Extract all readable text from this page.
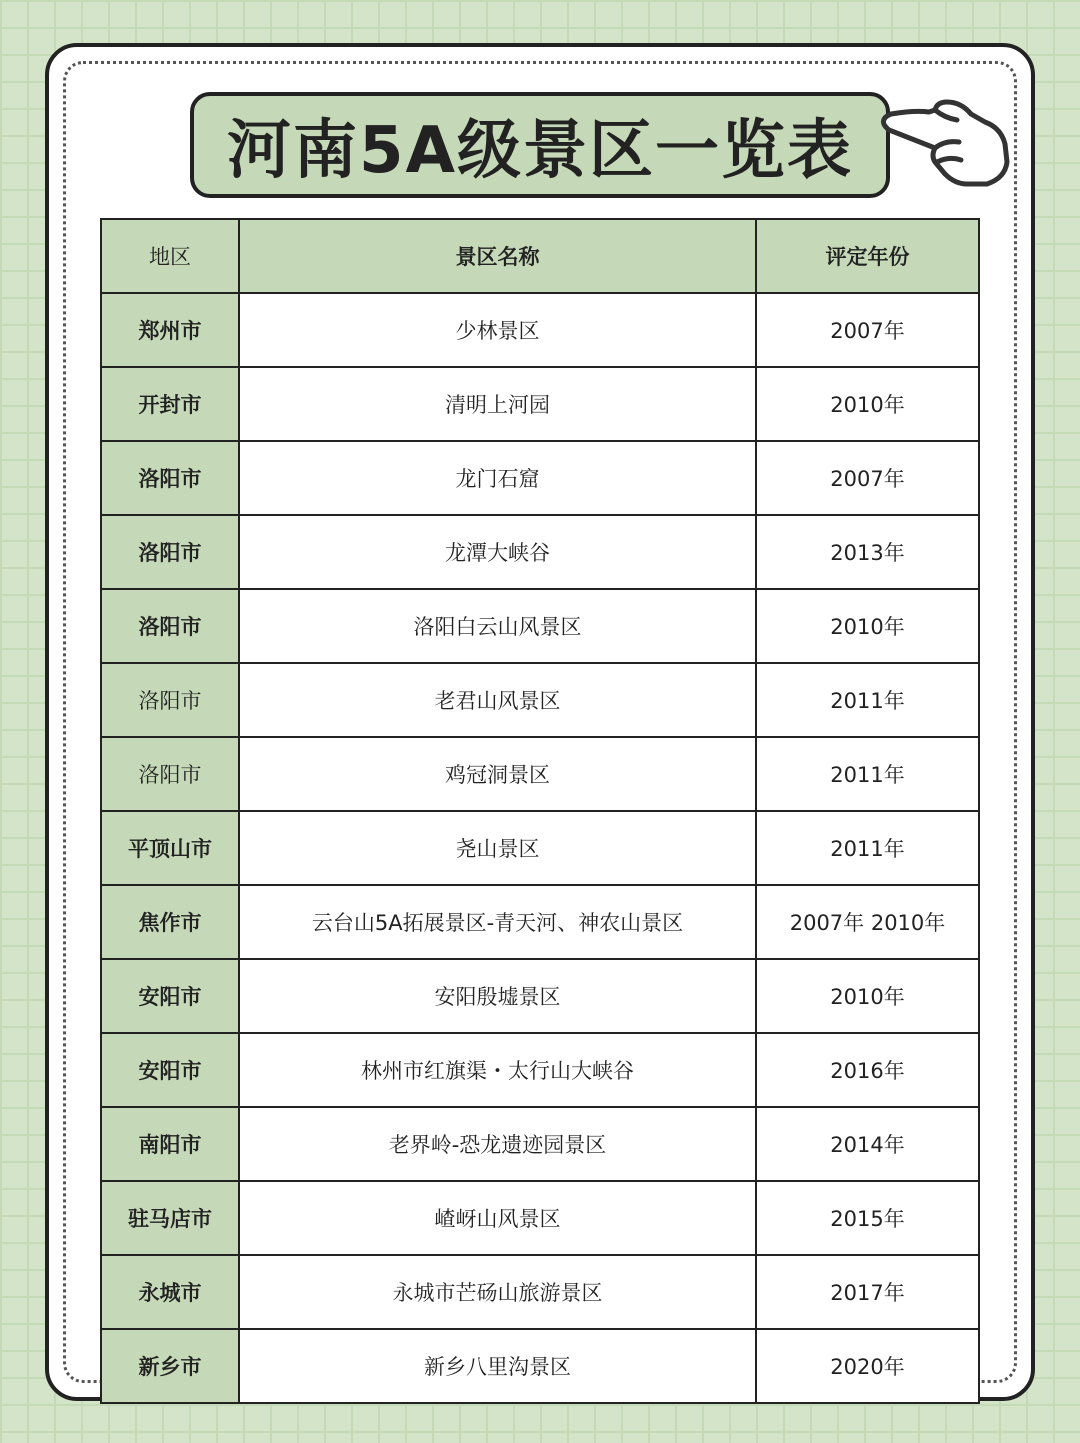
河南5A级景区一览表
地区	景区名称	评定年份
郑州市	少林景区	2007年
开封市	清明上河园	2010年
洛阳市	龙门石窟	2007年
洛阳市	龙潭大峡谷	2013年
洛阳市	洛阳白云山风景区	2010年
洛阳市	老君山风景区	2011年
洛阳市	鸡冠洞景区	2011年
平顶山市	尧山景区	2011年
焦作市	云台山5A拓展景区-青天河、神农山景区	2007年 2010年
安阳市	安阳殷墟景区	2010年
安阳市	林州市红旗渠・太行山大峡谷	2016年
南阳市	老界岭-恐龙遗迹园景区	2014年
驻马店市	嵖岈山风景区	2015年
永城市	永城市芒砀山旅游景区	2017年
新乡市	新乡八里沟景区	2020年
